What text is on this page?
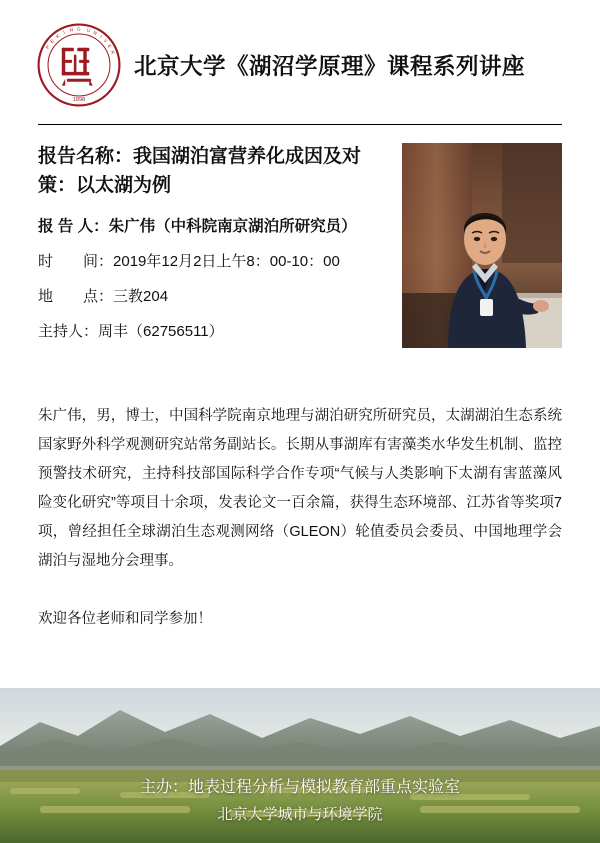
P
E
K
I N G U N
I
V
E
R
1898
北京大学《湖沼学原理》课程系列讲座
报告名称：我国湖泊富营养化成因及对策：以太湖为例
报 告 人：朱广伟（中科院南京湖泊所研究员）
时　　间：2019年12月2日上午8：00-10：00
地　　点：三教204
主持人：周丰（62756511）
朱广伟，男，博士，中国科学院南京地理与湖泊研究所研究员，太湖湖泊生态系统国家野外科学观测研究站常务副站长。长期从事湖库有害藻类水华发生机制、监控预警技术研究，主持科技部国际科学合作专项“气候与人类影响下太湖有害蓝藻风险变化研究”等项目十余项，发表论文一百余篇，获得生态环境部、江苏省等奖项7项，曾经担任全球湖泊生态观测网络（GLEON）轮值委员会委员、中国地理学会湖泊与湿地分会理事。
欢迎各位老师和同学参加！
主办：地表过程分析与模拟教育部重点实验室
北京大学城市与环境学院
